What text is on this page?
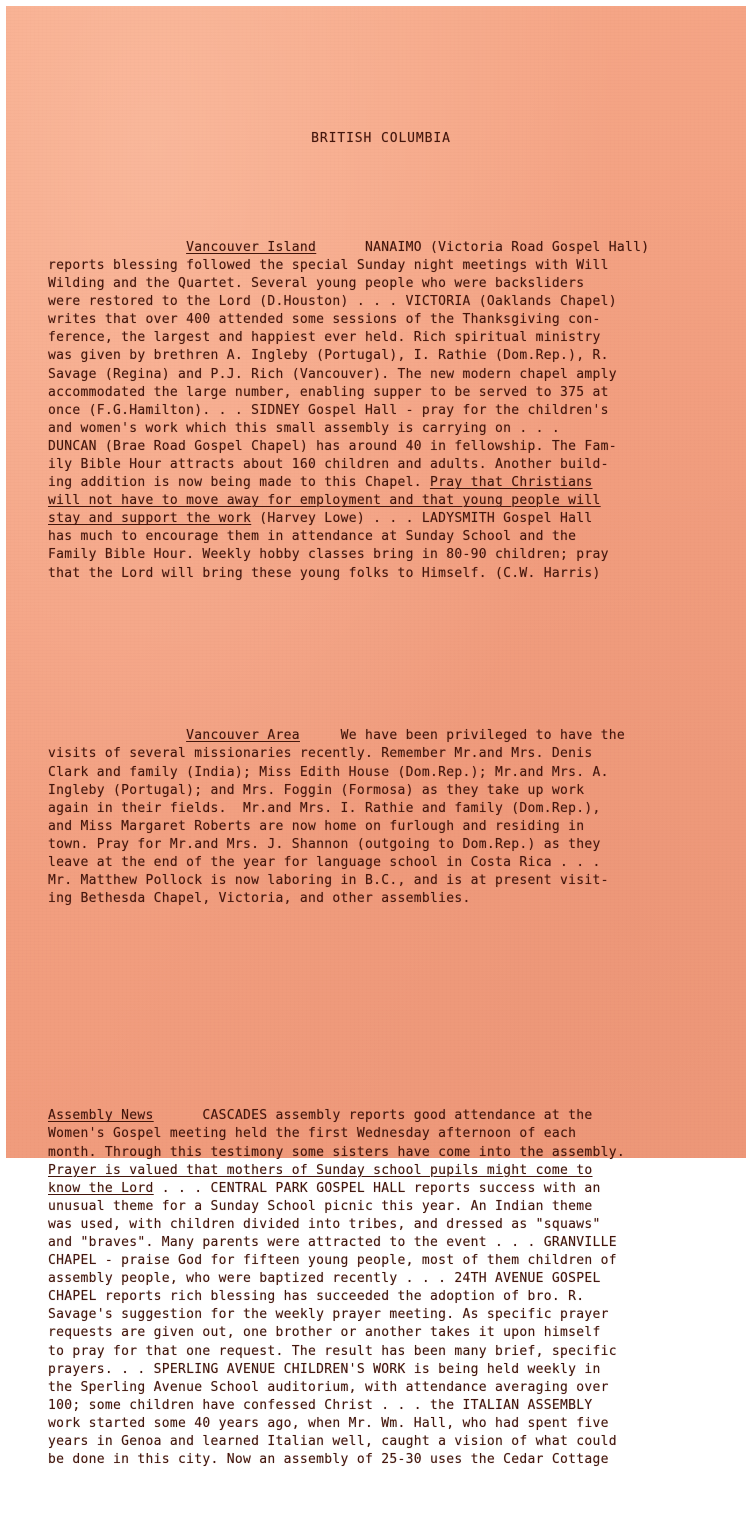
BRITISH COLUMBIA

Vancouver Island      NANAIMO (Victoria Road Gospel Hall)
reports blessing followed the special Sunday night meetings with Will
Wilding and the Quartet. Several young people who were backsliders
were restored to the Lord (D.Houston) . . . VICTORIA (Oaklands Chapel)
writes that over 400 attended some sessions of the Thanksgiving con-
ference, the largest and happiest ever held. Rich spiritual ministry
was given by brethren A. Ingleby (Portugal), I. Rathie (Dom.Rep.), R.
Savage (Regina) and P.J. Rich (Vancouver). The new modern chapel amply
accommodated the large number, enabling supper to be served to 375 at
once (F.G.Hamilton). . . SIDNEY Gospel Hall - pray for the children's
and women's work which this small assembly is carrying on . . .
DUNCAN (Brae Road Gospel Chapel) has around 40 in fellowship. The Fam-
ily Bible Hour attracts about 160 children and adults. Another build-
ing addition is now being made to this Chapel. Pray that Christians
will not have to move away for employment and that young people will
stay and support the work (Harvey Lowe) . . . LADYSMITH Gospel Hall
has much to encourage them in attendance at Sunday School and the
Family Bible Hour. Weekly hobby classes bring in 80-90 children; pray
that the Lord will bring these young folks to Himself. (C.W. Harris)

Vancouver Area     We have been privileged to have the
visits of several missionaries recently. Remember Mr.and Mrs. Denis
Clark and family (India); Miss Edith House (Dom.Rep.); Mr.and Mrs. A.
Ingleby (Portugal); and Mrs. Foggin (Formosa) as they take up work
again in their fields.  Mr.and Mrs. I. Rathie and family (Dom.Rep.),
and Miss Margaret Roberts are now home on furlough and residing in
town. Pray for Mr.and Mrs. J. Shannon (outgoing to Dom.Rep.) as they
leave at the end of the year for language school in Costa Rica . . .
Mr. Matthew Pollock is now laboring in B.C., and is at present visit-
ing Bethesda Chapel, Victoria, and other assemblies.

Assembly News      CASCADES assembly reports good attendance at the
Women's Gospel meeting held the first Wednesday afternoon of each
month. Through this testimony some sisters have come into the assembly.
Prayer is valued that mothers of Sunday school pupils might come to
know the Lord . . . CENTRAL PARK GOSPEL HALL reports success with an
unusual theme for a Sunday School picnic this year. An Indian theme
was used, with children divided into tribes, and dressed as "squaws"
and "braves". Many parents were attracted to the event . . . GRANVILLE
CHAPEL - praise God for fifteen young people, most of them children of
assembly people, who were baptized recently . . . 24TH AVENUE GOSPEL
CHAPEL reports rich blessing has succeeded the adoption of bro. R.
Savage's suggestion for the weekly prayer meeting. As specific prayer
requests are given out, one brother or another takes it upon himself
to pray for that one request. The result has been many brief, specific
prayers. . . SPERLING AVENUE CHILDREN'S WORK is being held weekly in
the Sperling Avenue School auditorium, with attendance averaging over
100; some children have confessed Christ . . . the ITALIAN ASSEMBLY
work started some 40 years ago, when Mr. Wm. Hall, who had spent five
years in Genoa and learned Italian well, caught a vision of what could
be done in this city. Now an assembly of 25-30 uses the Cedar Cottage
